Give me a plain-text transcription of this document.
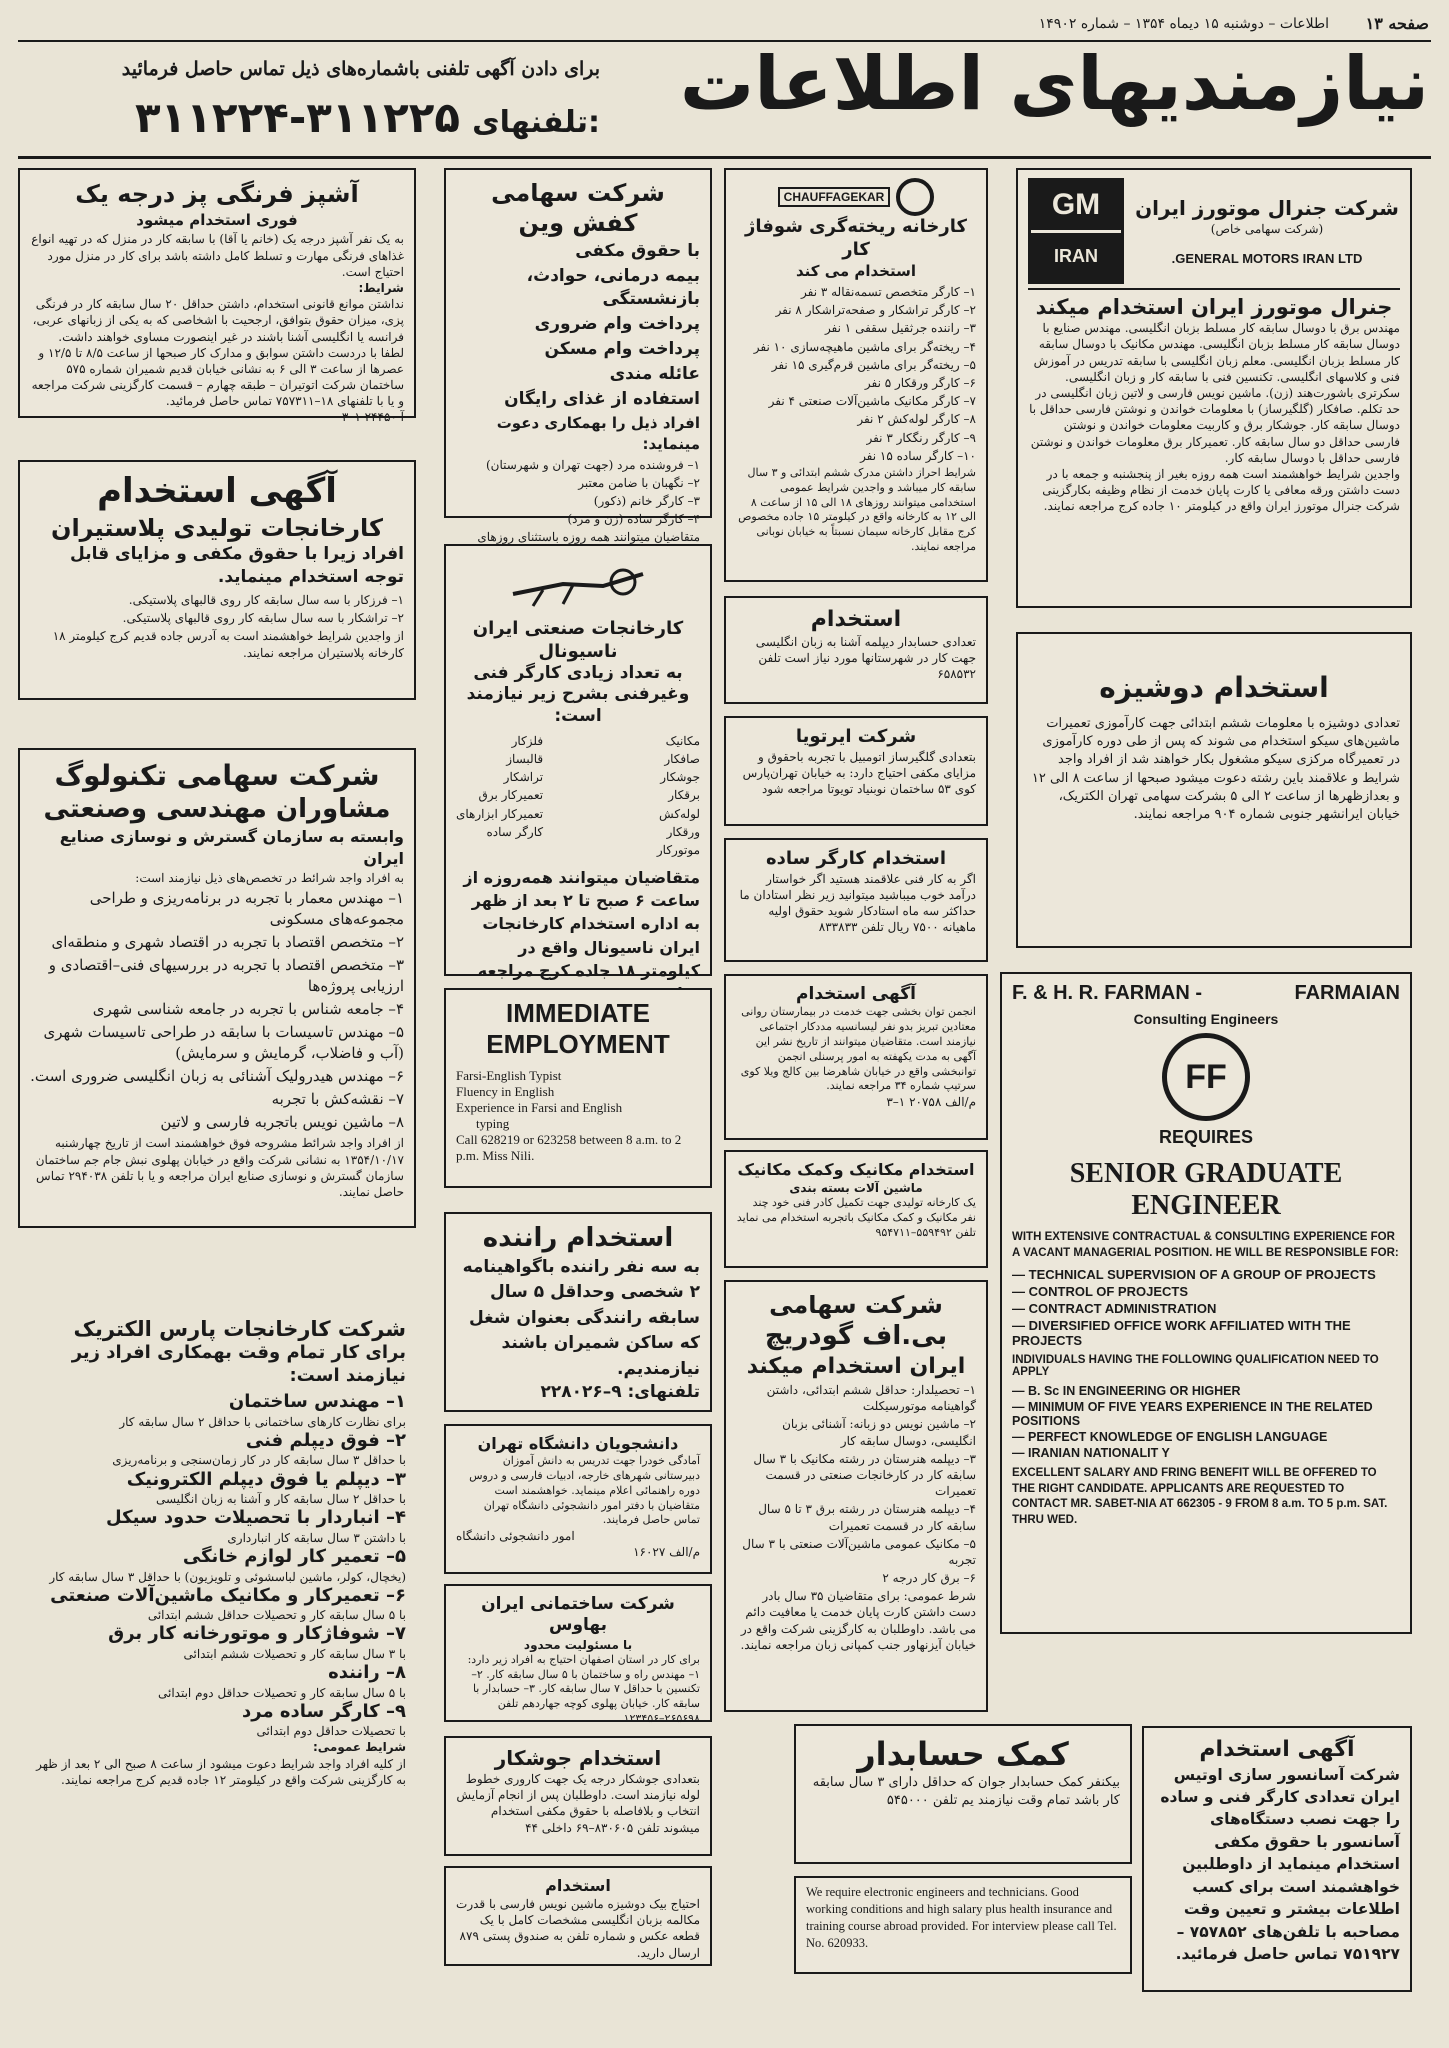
صفحه ۱۳
اطلاعات – دوشنبه ۱۵ دیماه ۱۳۵۴ – شماره ۱۴۹۰۲
نیازمندیهای اطلاعات
برای دادن آگهی تلفنی باشماره‌های ذیل تماس حاصل فرمائید
تلفنهای:
۳۱۱۲۲۴-۳۱۱۲۲۵
آشپز فرنگی پز درجه یک
فوری استخدام میشود
به یک نفر آشپز درجه یک (خانم یا آقا) با سابقه کار در منزل که در تهیه انواع غذاهای فرنگی مهارت و تسلط کامل داشته باشد برای کار در منزل مورد احتیاج است.
شرایط:
نداشتن موانع قانونی استخدام، داشتن حداقل ۲۰ سال سابقه کار در فرنگی پزی، میزان حقوق بتوافق، ارجحیت با اشخاصی که به یکی از زبانهای عربی، فرانسه یا انگلیسی آشنا باشند در غیر اینصورت مساوی خواهند داشت.
لطفا با دردست داشتن سوابق و مدارک کار صبحها از ساعت ۸/۵ تا ۱۲/۵ و عصرها از ساعت ۳ الی ۶ به نشانی خیابان قدیم شمیران شماره ۵۷۵ ساختمان شرکت اتوتیران – طبقه چهارم – قسمت کارگزینی شرکت مراجعه و یا با تلفنهای ۱۸–۷۵۷۳۱۱ تماس حاصل فرمائید.
آ ۲۴۴۵۰ ۱–۳
آگهی استخدام
کارخانجات تولیدی پلاستیران
افراد زیرا با حقوق مکفی و مزایای قابل توجه استخدام مینماید.
۱– فرزکار با سه سال سابقه کار روی قالبهای پلاستیکی.
۲– تراشکار با سه سال سابقه کار روی قالبهای پلاستیکی.
از واجدین شرایط خواهشمند است به آدرس جاده قدیم کرج کیلومتر ۱۸ کارخانه پلاستیران مراجعه نمایند.
شرکت سهامی تکنولوگ
مشاوران مهندسی وصنعتی
وابسته به سازمان گسترش و نوسازی صنایع ایران
به افراد واجد شرائط در تخصص‌های ذیل نیازمند است:
۱– مهندس معمار با تجربه در برنامه‌ریزی و طراحی مجموعه‌های مسکونی
۲– متخصص اقتصاد با تجربه در اقتصاد شهری و منطقه‌ای
۳– متخصص اقتصاد با تجربه در بررسیهای فنی–اقتصادی و ارزیابی پروژه‌ها
۴– جامعه شناس با تجربه در جامعه شناسی شهری
۵– مهندس تاسیسات با سابقه در طراحی تاسیسات شهری (آب و فاضلاب، گرمایش و سرمایش)
۶– مهندس هیدرولیک آشنائی به زبان انگلیسی ضروری است.
۷– نقشه‌کش با تجربه
۸– ماشین نویس باتجربه فارسی و لاتین
از افراد واجد شرائط مشروحه فوق خواهشمند است از تاریخ چهارشنبه ۱۳۵۴/۱۰/۱۷ به نشانی شرکت واقع در خیابان پهلوی نبش جام جم ساختمان سازمان گسترش و نوسازی صنایع ایران مراجعه و یا با تلفن ۲۹۴۰۳۸ تماس حاصل نمایند.
شرکت کارخانجات پارس الکتریک
برای کار تمام وقت بهمکاری افراد زیر نیازمند است:
۱– مهندس ساختمان
برای نظارت کارهای ساختمانی با حداقل ۲ سال سابقه کار
۲– فوق دیپلم فنی
با حداقل ۳ سال سابقه کار در کار زمان‌سنجی و برنامه‌ریزی
۳– دیپلم یا فوق دیپلم الکترونیک
با حداقل ۲ سال سابقه کار و آشنا به زبان انگلیسی
۴– انباردار با تحصیلات حدود سیکل
با داشتن ۳ سال سابقه کار انبارداری
۵– تعمیر کار لوازم خانگی
(یخچال، کولر، ماشین لباسشوئی و تلویزیون) با حداقل ۳ سال سابقه کار
۶– تعمیرکار و مکانیک ماشین‌آلات صنعتی
با ۵ سال سابقه کار و تحصیلات حداقل ششم ابتدائی
۷– شوفاژکار و موتورخانه کار برق
با ۳ سال سابقه کار و تحصیلات ششم ابتدائی
۸– راننده
با ۵ سال سابقه کار و تحصیلات حداقل دوم ابتدائی
۹– کارگر ساده مرد
با تحصیلات حداقل دوم ابتدائی
شرایط عمومی:
از کلیه افراد واجد شرایط دعوت میشود از ساعت ۸ صبح الی ۲ بعد از ظهر به کارگزینی شرکت واقع در کیلومتر ۱۲ جاده قدیم کرج مراجعه نمایند.
شرکت سهامی کفش وین
با حقوق مکفی
بیمه درمانی، حوادث، بازنشستگی
پرداخت وام ضروری
پرداخت وام مسکن
عائله مندی
استفاده از غذای رایگان
افراد ذیل را بهمکاری دعوت مینماید:
۱– فروشنده مرد (جهت تهران و شهرستان)
۲– نگهبان با ضامن معتبر
۳– کارگر خانم (ذکور)
۴– کارگر ساده (زن و مرد)
متقاضیان میتوانند همه روزه باستثنای روزهای
کارخانجات صنعتی ایران ناسیونال
به تعداد زیادی کارگر فنی وغیرفنی بشرح زیر نیازمند است:
مکانیک
صافکار
جوشکار
برقکار
لوله‌کش
ورقکار
موتورکار
فلزکار
قالبساز
تراشکار
تعمیرکار برق
تعمیرکار ابزارهای
کارگر ساده
متقاضیان میتوانند همه‌روزه از ساعت ۶ صبح تا ۲ بعد از ظهر به اداره استخدام کارخانجات ایران ناسیونال واقع در کیلومتر ۱۸ جاده کرج مراجعه
IMMEDIATE
EMPLOYMENT
Farsi-English Typist
Fluency in English
Experience in Farsi and English
typing
Call 628219 or 623258 between 8 a.m. to 2 p.m. Miss Nili.
استخدام راننده
به سه نفر راننده باگواهینامه ۲ شخصی وحداقل ۵ سال سابقه رانندگی بعنوان شغل که ساکن شمیران باشند نیازمندیم.
تلفنهای: ۹–۲۲۸۰۲۶
دانشجویان دانشگاه تهران
آمادگی خودرا جهت تدریس به دانش آموزان دبیرستانی شهرهای خارجه، ادبیات فارسی و دروس دوره راهنمائی اعلام مینماید. خواهشمند است متقاضیان با دفتر امور دانشجوئی دانشگاه تهران تماس حاصل فرمایند.
امور دانشجوئی دانشگاه
م/الف ۱۶۰۲۷
شرکت ساختمانی ایران بهاوس
با مسئولیت محدود
برای کار در استان اصفهان احتیاج به افراد زیر دارد: ۱– مهندس راه و ساختمان با ۵ سال سابقه کار. ۲– تکنسین با حداقل ۷ سال سابقه کار. ۳– حسابدار با سابقه کار. خیابان پهلوی کوچه جهاردهم تلفن ۲۶۵۶۹۸–۱۲۳۴۵۶
استخدام جوشکار
بتعدادی جوشکار درجه یک جهت کاروری خطوط لوله نیازمند است. داوطلبان پس از انجام آزمایش انتخاب و بلافاصله با حقوق مکفی استخدام میشوند تلفن ۸۳۰۶۰۵–۶۹ داخلی ۴۴
استخدام
احتیاج بیک دوشیزه ماشین نویس فارسی با قدرت مکالمه بزبان انگلیسی مشخصات کامل با یک قطعه عکس و شماره تلفن به صندوق پستی ۸۷۹ ارسال دارید.
CHAUFFAGEKAR
کارخانه ریخته‌گری شوفاژ کار
استخدام می کند
۱– کارگر متخصص تسمه‌نقاله ۳ نفر
۲– کارگر تراشکار و صفحه‌تراشکار ۸ نفر
۳– راننده جرثقیل سقفی ۱ نفر
۴– ریخته‌گر برای ماشین ماهیچه‌سازی ۱۰ نفر
۵– ریخته‌گر برای ماشین قرم‌گیری ۱۵ نفر
۶– کارگر ورقکار ۵ نفر
۷– کارگر مکانیک ماشین‌آلات صنعتی ۴ نفر
۸– کارگر لوله‌کش ۲ نفر
۹– کارگر رنگکار ۳ نفر
۱۰– کارگر ساده ۱۵ نفر
شرایط احراز داشتن مدرک ششم ابتدائی و ۳ سال سابقه کار میباشد و واجدین شرایط عمومی استخدامی میتوانند روزهای ۱۸ الی ۱۵ از ساعت ۸ الی ۱۲ به کارخانه واقع در کیلومتر ۱۵ جاده مخصوص کرج مقابل کارخانه سیمان نسبتاً به خیابان نوبانی مراجعه نمایند.
استخدام
تعدادی حسابدار دیپلمه آشنا به زبان انگلیسی جهت کار در شهرستانها مورد نیاز است تلفن ۶۵۸۵۳۲
شرکت ایرتویا
بتعدادی گلگیرساز اتومبیل با تجربه باحقوق و مزایای مکفی احتیاج دارد: به خیابان تهران‌پارس کوی ۵۳ ساختمان نوبنیاد تویوتا مراجعه شود
استخدام کارگر ساده
اگر به کار فنی علاقمند هستید اگر خواستار درآمد خوب میباشید میتوانید زیر نظر استادان ما حداکثر سه ماه استادکار شوید حقوق اولیه ماهیانه ۷۵۰۰ ریال تلفن ۸۳۳۸۳۳
آگهی استخدام
انجمن توان بخشی جهت خدمت در بیمارستان روانی معتادین تبریز بدو نفر لیسانسیه مددکار اجتماعی نیازمند است. متقاضیان میتوانند از تاریخ نشر این آگهی به مدت یکهفته به امور پرسنلی انجمن توانبخشی واقع در خیابان شاهرضا بین کالج ویلا کوی سرتیپ شماره ۳۴ مراجعه نمایند.
م/الف ۲۰۷۵۸ ۱–۳
استخدام مکانیک وکمک مکانیک
ماشین آلات بسته بندی
یک کارخانه تولیدی جهت تکمیل کادر فنی خود چند نفر مکانیک و کمک مکانیک باتجربه استخدام می نماید تلفن ۵۵۹۴۹۲–۹۵۴۷۱۱
شرکت سهامی
بی.اف گودریچ
ایران استخدام میکند
۱– تحصیلدار: حداقل ششم ابتدائی، داشتن گواهینامه موتورسیکلت
۲– ماشین نویس دو زبانه: آشنائی بزبان انگلیسی، دوسال سابقه کار
۳– دیپلمه هنرستان در رشته مکانیک با ۳ سال سابقه کار در کارخانجات صنعتی در قسمت تعمیرات
۴– دیپلمه هنرستان در رشته برق ۳ تا ۵ سال سابقه کار در قسمت تعمیرات
۵– مکانیک عمومی ماشین‌آلات صنعتی با ۳ سال تجربه
۶– برق کار درجه ۲
شرط عمومی: برای متقاضیان ۳۵ سال بادر دست داشتن کارت پایان خدمت یا معافیت دائم می باشد. داوطلبان به کارگزینی شرکت واقع در خیابان آیزنهاور جنب کمپانی زبان مراجعه نمایند.
کمک حسابدار
بیکنفر کمک حسابدار جوان که حداقل دارای ۳ سال سابقه کار باشد تمام وقت نیازمند یم تلفن ۵۴۵۰۰۰
We require electronic engineers and technicians. Good working conditions and high salary plus health insurance and training course abroad provided. For interview please call Tel. No. 620933.
شرکت جنرال موتورز ایران
(شرکت سهامی خاص)
GENERAL MOTORS IRAN LTD.
GM
IRAN
جنرال موتورز ایران استخدام میکند
مهندس برق با دوسال سابقه کار مسلط بزبان انگلیسی. مهندس صنایع با دوسال سابقه کار مسلط بزبان انگلیسی. مهندس مکانیک با دوسال سابقه کار مسلط بزبان انگلیسی. معلم زبان انگلیسی با سابقه تدریس در آموزش فنی و کلاسهای انگلیسی. تکنسین فنی با سابقه کار و زبان انگلیسی. سکرتری باشورت‌هند (زن). ماشین نویس فارسی و لاتین زبان انگلیسی در حد تکلم. صافکار (گلگیرساز) با معلومات خواندن و نوشتن فارسی حداقل با دوسال سابقه کار. جوشکار برق و کاربیت معلومات خواندن و نوشتن فارسی حداقل دو سال سابقه کار. تعمیرکار برق معلومات خواندن و نوشتن فارسی حداقل با دوسال سابقه کار.
واجدین شرایط خواهشمند است همه روزه بغیر از پنجشنبه و جمعه با در دست داشتن ورقه معافی یا کارت پایان خدمت از نظام وظیفه بکارگزینی شرکت جنرال موتورز ایران واقع در کیلومتر ۱۰ جاده کرج مراجعه نمایند.
استخدام دوشیزه
تعدادی دوشیزه با معلومات ششم ابتدائی جهت کارآموزی تعمیرات ماشین‌های سیکو استخدام می شوند که پس از طی دوره کارآموزی در تعمیرگاه مرکزی سیکو مشغول بکار خواهند شد از افراد واجد شرایط و علاقمند باین رشته دعوت میشود صبحها از ساعت ۸ الی ۱۲ و بعدازظهرها از ساعت ۲ الی ۵ بشرکت سهامی تهران الکتریک، خیابان ایرانشهر جنوبی شماره ۹۰۴ مراجعه نمایند.
F. & H. R. FARMAN -	FARMAIAN
Consulting Engineers
FF
REQUIRES
SENIOR GRADUATE
ENGINEER
WITH EXTENSIVE CONTRACTUAL & CONSULTING EXPERIENCE FOR A VACANT MANAGERIAL POSITION. HE WILL BE RESPONSIBLE FOR:
— TECHNICAL SUPERVISION OF A GROUP OF PROJECTS
— CONTROL OF PROJECTS
— CONTRACT ADMINISTRATION
— DIVERSIFIED OFFICE WORK AFFILIATED WITH THE PROJECTS
INDIVIDUALS HAVING THE FOLLOWING QUALIFICATION NEED TO APPLY
— B. Sc IN ENGINEERING OR HIGHER
— MINIMUM OF FIVE YEARS EXPERIENCE IN THE RELATED POSITIONS
— PERFECT KNOWLEDGE OF ENGLISH LANGUAGE
— IRANIAN NATIONALIT Y
EXCELLENT SALARY AND FRING BENEFIT WILL BE OFFERED TO THE RIGHT CANDIDATE. APPLICANTS ARE REQUESTED TO CONTACT MR. SABET-NIA AT 662305 - 9 FROM 8 a.m. TO 5 p.m. SAT. THRU WED.
آگهی استخدام
شرکت آسانسور سازی اوتیس ایران تعدادی کارگر فنی و ساده را جهت نصب دستگاه‌های آسانسور با حقوق مکفی استخدام مینماید از داوطلبین خواهشمند است برای کسب اطلاعات بیشتر و تعیین وقت مصاحبه با تلفن‌های ۷۵۷۸۵۲ – ۷۵۱۹۲۷ تماس حاصل فرمائید.
